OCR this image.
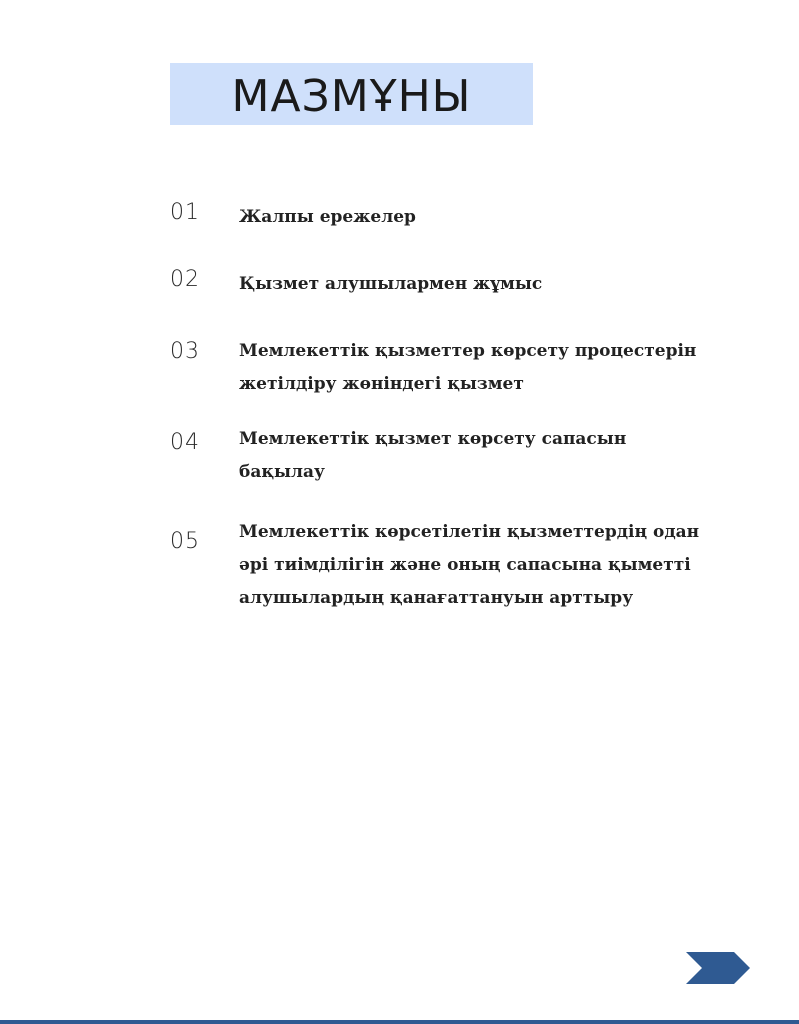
МАЗМҰНЫ
01 Жалпы ережелер
02 Қызмет алушылармен жұмыс
03 Мемлекеттік қызметтер көрсету процестерін
жетілдіру жөніндегі қызмет
04 Мемлекеттік қызмет көрсету сапасын
бақылау
05 Мемлекеттік көрсетілетін қызметтердің одан
әрі тиімділігін және оның сапасына қыметті
алушылардың қанағаттануын арттыру
